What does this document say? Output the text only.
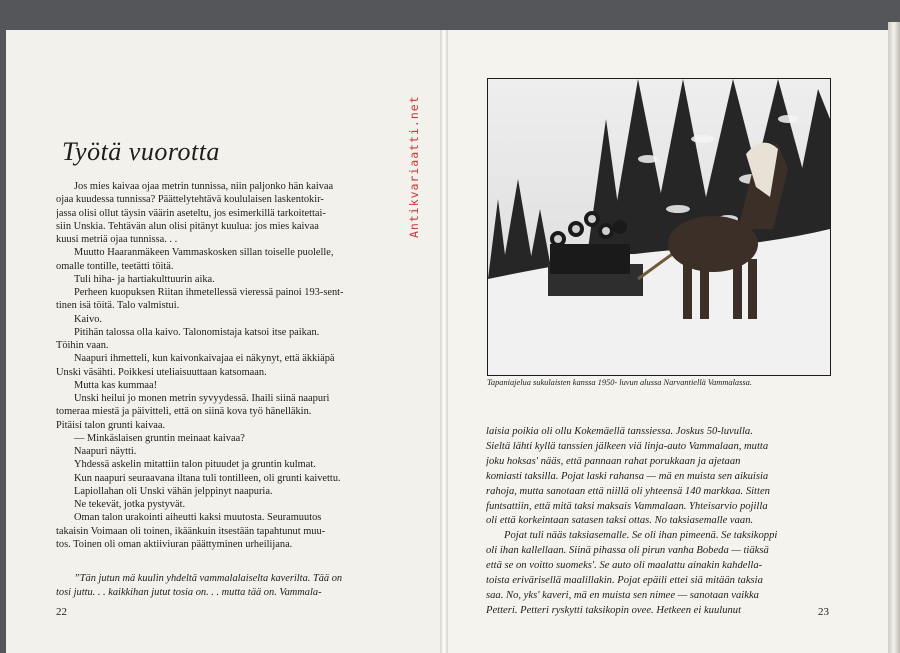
Työtä vuorotta

Jos mies kaivaa ojaa metrin tunnissa, niin paljonko hän kaivaa

ojaa kuudessa tunnissa? Päättelytehtävä koululaisen laskentokir-

jassa olisi ollut täysin väärin aseteltu, jos esimerkillä tarkoitettai-

siin Unskia. Tehtävän alun olisi pitänyt kuulua: jos mies kaivaa

kuusi metriä ojaa tunnissa. . .

Muutto Haaranmäkeen Vammaskosken sillan toiselle puolelle,

omalle tontille, teetätti töitä.

Tuli hiha- ja hartiakulttuurin aika.

Perheen kuopuksen Riitan ihmetellessä vieressä painoi 193-sent-

tinen isä töitä. Talo valmistui.

Kaivo.

Pitihän talossa olla kaivo. Talonomistaja katsoi itse paikan.

Töihin vaan.

Naapuri ihmetteli, kun kaivonkaivajaa ei näkynyt, että äkkiäpä

Unski väsähti. Poikkesi uteliaisuuttaan katsomaan.

Mutta kas kummaa!

Unski heilui jo monen metrin syvyydessä. Ihaili siinä naapuri

tomeraa miestä ja päivitteli, että on siinä kova työ hänelläkin.

Pitäisi talon grunti kaivaa.

— Minkäslaisen gruntin meinaat kaivaa?

Naapuri näytti.

Yhdessä askelin mitattiin talon pituudet ja gruntin kulmat.

Kun naapuri seuraavana iltana tuli tontilleen, oli grunti kaivettu.

Lapiollahan oli Unski vähän jelppinyt naapuria.

Ne tekevät, jotka pystyvät.

Oman talon urakointi aiheutti kaksi muutosta. Seuramuutos

takaisin Voimaan oli toinen, ikäänkuin itsestään tapahtunut muu-

tos. Toinen oli oman aktiiviuran päättyminen urheilijana.

”Tän jutun mä kuulin yhdeltä vammalalaiselta kaverilta. Tää on

tosi juttu. . . kaikkihan jutut tosia on. . . mutta tää on. Vammala-

22
Antikvariaatti.net
Tapaniajelua sukulaisten kanssa 1950- luvun alussa Narvantiellä Vammalassa.

laisia poikia oli ollu Kokemäellä tanssiessa. Joskus 50-luvulla.

Sieltä lähti kyllä tanssien jälkeen viä linja-auto Vammalaan, mutta

joku hoksas' nääs, että pannaan rahat porukkaan ja ajetaan

komiasti taksilla. Pojat laski rahansa — mä en muista sen aikuisia

rahoja, mutta sanotaan että niillä oli yhteensä 140 markkaa. Sitten

funtsattiin, että mitä taksi maksais Vammalaan. Yhteisarvio pojilla

oli että korkeintaan satasen taksi ottas. No taksiasemalle vaan.

Pojat tuli nääs taksiasemalle. Se oli ihan pimeenä. Se taksikoppi

oli ihan kallellaan. Siinä pihassa oli pirun vanha Bobeda — tiäksä

että se on voitto suomeks'. Se auto oli maalattu ainakin kahdella-

toista erivärisellä maalillakin. Pojat epäili ettei siä mitään taksia

saa. No, yks' kaveri, mä en muista sen nimee — sanotaan vaikka

Petteri. Petteri ryskytti taksikopin ovee. Hetkeen ei kuulunut	23
